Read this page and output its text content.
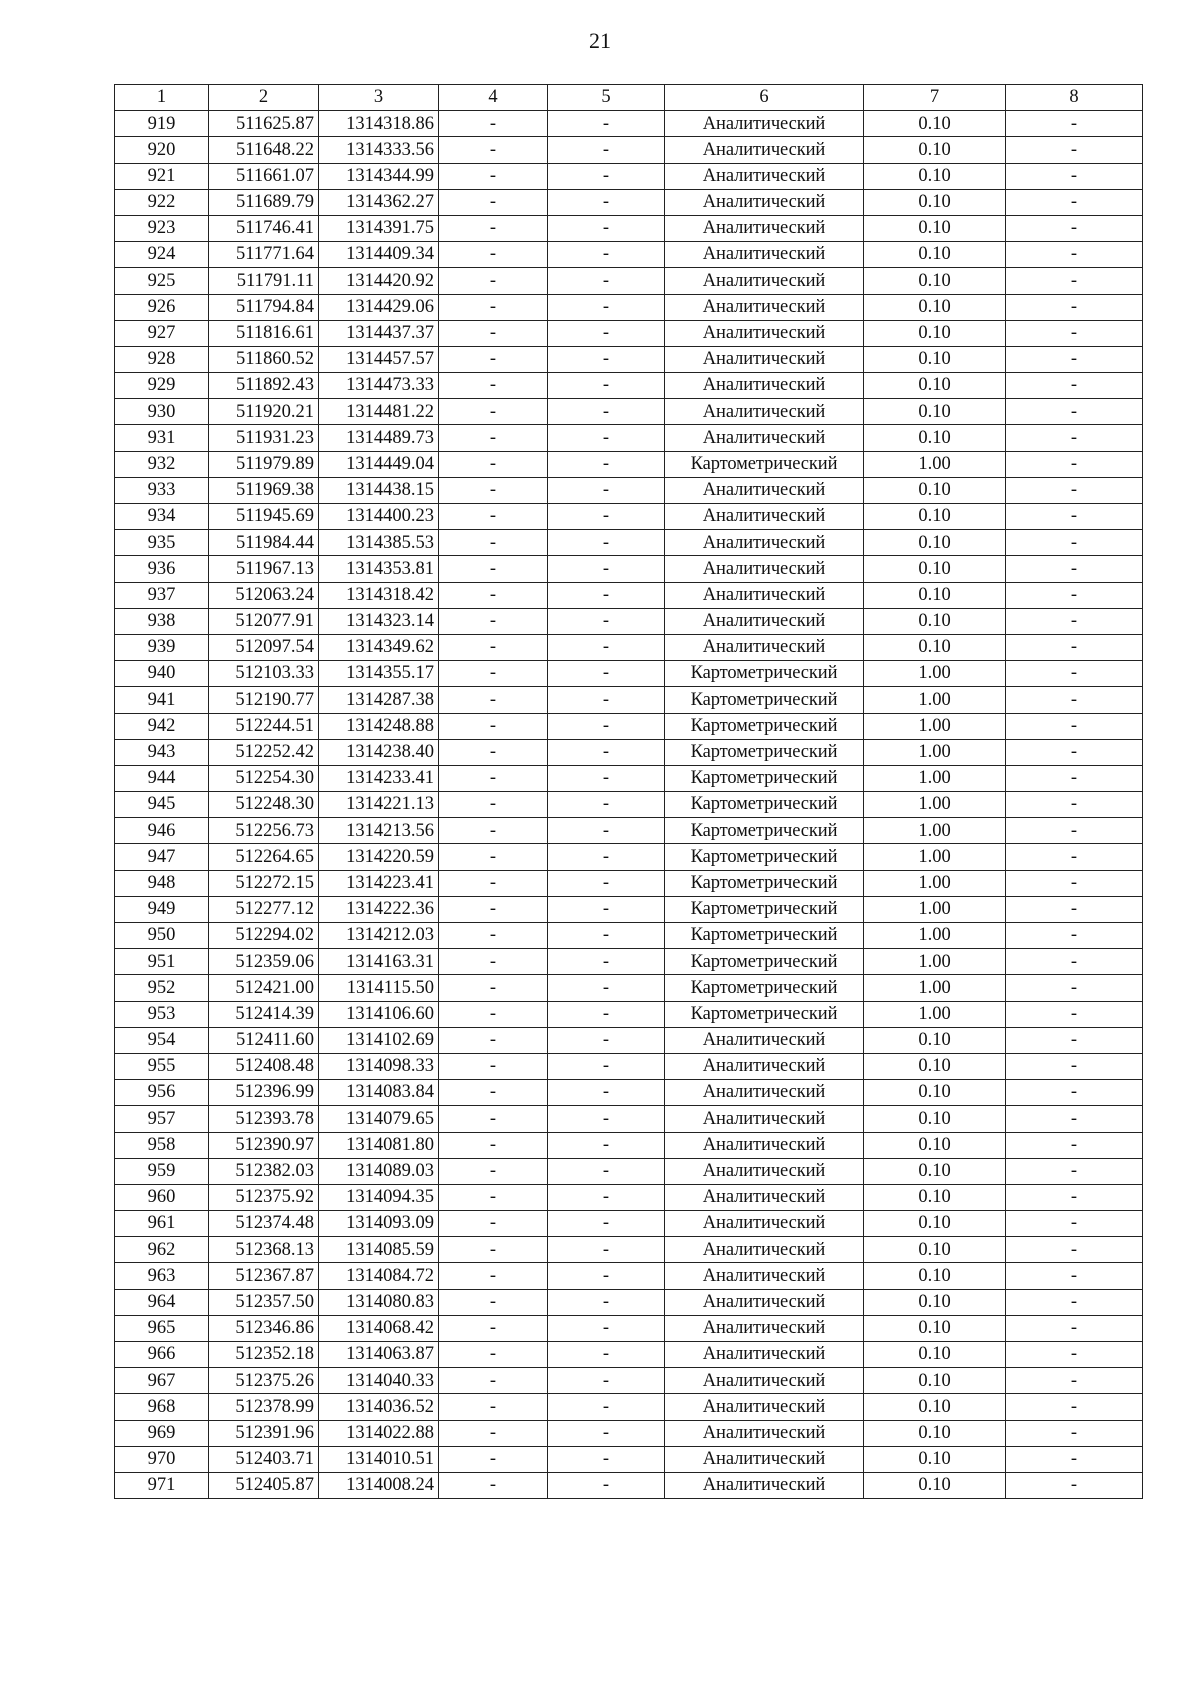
21
1	2	3	4	5	6	7	8
919	511625.87	1314318.86	-	-	Аналитический	0.10	-
920	511648.22	1314333.56	-	-	Аналитический	0.10	-
921	511661.07	1314344.99	-	-	Аналитический	0.10	-
922	511689.79	1314362.27	-	-	Аналитический	0.10	-
923	511746.41	1314391.75	-	-	Аналитический	0.10	-
924	511771.64	1314409.34	-	-	Аналитический	0.10	-
925	511791.11	1314420.92	-	-	Аналитический	0.10	-
926	511794.84	1314429.06	-	-	Аналитический	0.10	-
927	511816.61	1314437.37	-	-	Аналитический	0.10	-
928	511860.52	1314457.57	-	-	Аналитический	0.10	-
929	511892.43	1314473.33	-	-	Аналитический	0.10	-
930	511920.21	1314481.22	-	-	Аналитический	0.10	-
931	511931.23	1314489.73	-	-	Аналитический	0.10	-
932	511979.89	1314449.04	-	-	Картометрический	1.00	-
933	511969.38	1314438.15	-	-	Аналитический	0.10	-
934	511945.69	1314400.23	-	-	Аналитический	0.10	-
935	511984.44	1314385.53	-	-	Аналитический	0.10	-
936	511967.13	1314353.81	-	-	Аналитический	0.10	-
937	512063.24	1314318.42	-	-	Аналитический	0.10	-
938	512077.91	1314323.14	-	-	Аналитический	0.10	-
939	512097.54	1314349.62	-	-	Аналитический	0.10	-
940	512103.33	1314355.17	-	-	Картометрический	1.00	-
941	512190.77	1314287.38	-	-	Картометрический	1.00	-
942	512244.51	1314248.88	-	-	Картометрический	1.00	-
943	512252.42	1314238.40	-	-	Картометрический	1.00	-
944	512254.30	1314233.41	-	-	Картометрический	1.00	-
945	512248.30	1314221.13	-	-	Картометрический	1.00	-
946	512256.73	1314213.56	-	-	Картометрический	1.00	-
947	512264.65	1314220.59	-	-	Картометрический	1.00	-
948	512272.15	1314223.41	-	-	Картометрический	1.00	-
949	512277.12	1314222.36	-	-	Картометрический	1.00	-
950	512294.02	1314212.03	-	-	Картометрический	1.00	-
951	512359.06	1314163.31	-	-	Картометрический	1.00	-
952	512421.00	1314115.50	-	-	Картометрический	1.00	-
953	512414.39	1314106.60	-	-	Картометрический	1.00	-
954	512411.60	1314102.69	-	-	Аналитический	0.10	-
955	512408.48	1314098.33	-	-	Аналитический	0.10	-
956	512396.99	1314083.84	-	-	Аналитический	0.10	-
957	512393.78	1314079.65	-	-	Аналитический	0.10	-
958	512390.97	1314081.80	-	-	Аналитический	0.10	-
959	512382.03	1314089.03	-	-	Аналитический	0.10	-
960	512375.92	1314094.35	-	-	Аналитический	0.10	-
961	512374.48	1314093.09	-	-	Аналитический	0.10	-
962	512368.13	1314085.59	-	-	Аналитический	0.10	-
963	512367.87	1314084.72	-	-	Аналитический	0.10	-
964	512357.50	1314080.83	-	-	Аналитический	0.10	-
965	512346.86	1314068.42	-	-	Аналитический	0.10	-
966	512352.18	1314063.87	-	-	Аналитический	0.10	-
967	512375.26	1314040.33	-	-	Аналитический	0.10	-
968	512378.99	1314036.52	-	-	Аналитический	0.10	-
969	512391.96	1314022.88	-	-	Аналитический	0.10	-
970	512403.71	1314010.51	-	-	Аналитический	0.10	-
971	512405.87	1314008.24	-	-	Аналитический	0.10	-
